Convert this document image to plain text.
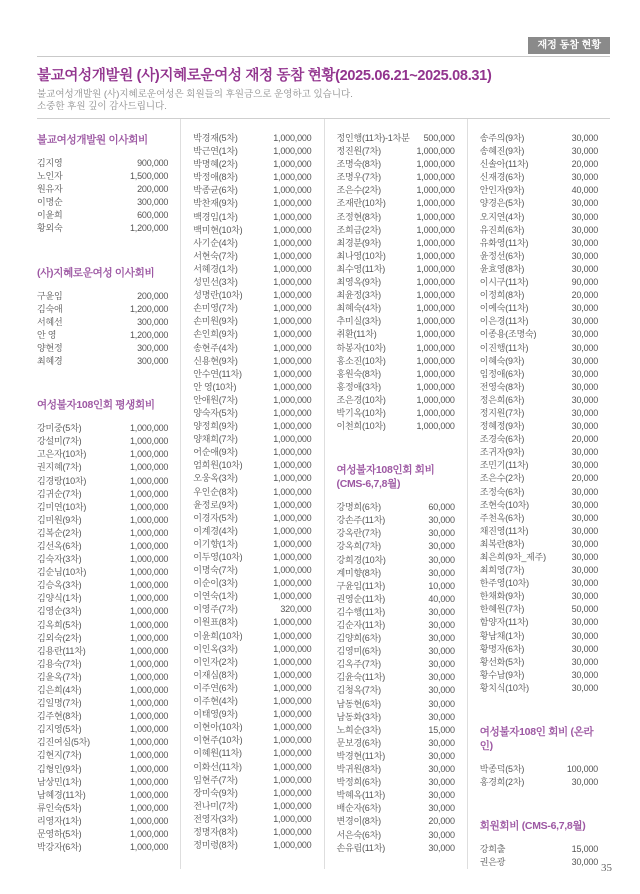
재정 동참 현황
불교여성개발원 (사)지혜로운여성 재정 동참 현황(2025.06.21~2025.08.31)

불교여성개발원 (사)지혜로운여성은 회원들의 후원금으로 운영하고 있습니다.

소중한 후원 깊이 감사드립니다.

불교여성개발원 이사회비
김지영	900,000
노인자	1,500,000
원유자	200,000
이명순	300,000
이윤희	600,000
황외숙	1,200,000
(사)지혜로운여성 이사회비
구윤임	200,000
김숙애	1,200,000
서혜선	300,000
안 영	1,200,000
양현정	300,000
최혜경	300,000
여성불자108인회 평생회비
강미중(5차)	1,000,000
강설미(7차)	1,000,000
고은자(10차)	1,000,000
권지혜(7차)	1,000,000
김경랑(10차)	1,000,000
김귀순(7차)	1,000,000
김미연(10차)	1,000,000
김미원(9차)	1,000,000
김복순(2차)	1,000,000
김선옥(6차)	1,000,000
김숙자(3차)	1,000,000
김순님(10차)	1,000,000
김승옥(3차)	1,000,000
김양식(1차)	1,000,000
김영순(3차)	1,000,000
김옥희(5차)	1,000,000
김외숙(2차)	1,000,000
김용란(11차)	1,000,000
김용숙(7차)	1,000,000
김윤옥(7차)	1,000,000
김은희(4차)	1,000,000
김일명(7차)	1,000,000
김주현(8차)	1,000,000
김지영(5차)	1,000,000
김진여심(5차)	1,000,000
김현지(7차)	1,000,000
김형인(9차)	1,000,000
남상민(1차)	1,000,000
남혜경(11차)	1,000,000
류인숙(5차)	1,000,000
리영자(1차)	1,000,000
문영하(5차)	1,000,000
박강자(6차)	1,000,000
박경재(5차)	1,000,000
박근연(1차)	1,000,000
박명혜(2차)	1,000,000
박정애(8차)	1,000,000
박종균(6차)	1,000,000
박찬재(9차)	1,000,000
백경임(1차)	1,000,000
백미현(10차)	1,000,000
사기순(4차)	1,000,000
서현숙(7차)	1,000,000
서혜경(1차)	1,000,000
성민선(3차)	1,000,000
성명란(10차)	1,000,000
손미영(7차)	1,000,000
손미원(9차)	1,000,000
손인희(9차)	1,000,000
송현주(4차)	1,000,000
신용현(9차)	1,000,000
안수연(11차)	1,000,000
안 영(10차)	1,000,000
안애원(7차)	1,000,000
양숙자(5차)	1,000,000
양정희(9차)	1,000,000
양채희(7차)	1,000,000
어순애(9차)	1,000,000
엄희원(10차)	1,000,000
오웅옥(3차)	1,000,000
우인순(8차)	1,000,000
윤정로(9차)	1,000,000
이경자(5차)	1,000,000
이계경(4차)	1,000,000
이기향(1차)	1,000,000
이두영(10차)	1,000,000
이명숙(7차)	1,000,000
이순이(3차)	1,000,000
이연숙(1차)	1,000,000
이영주(7차)	320,000
이원표(8차)	1,000,000
이윤희(10차)	1,000,000
이인옥(3차)	1,000,000
이인자(2차)	1,000,000
이재심(8차)	1,000,000
이주연(6차)	1,000,000
이주현(4차)	1,000,000
이태영(9차)	1,000,000
이현아(10차)	1,000,000
이현주(10차)	1,000,000
이혜원(11차)	1,000,000
이화선(11차)	1,000,000
임현주(7차)	1,000,000
장미숙(9차)	1,000,000
전나미(7차)	1,000,000
전영자(3차)	1,000,000
정명자(8차)	1,000,000
정미령(8차)	1,000,000
정인행(11차)-1차분 500,000
정진원(7차)	1,000,000
조명숙(8차)	1,000,000
조명우(7차)	1,000,000
조은수(2차)	1,000,000
조재란(10차)	1,000,000
조정현(8차)	1,000,000
조희금(2차)	1,000,000
최경분(9차)	1,000,000
최나영(10차)	1,000,000
최수영(11차)	1,000,000
최영옥(9차)	1,000,000
최윤정(3차)	1,000,000
최혜숙(4차)	1,000,000
추미실(3차)	1,000,000
취환(11차)	1,000,000
하봉자(10차)	1,000,000
홍소진(10차)	1,000,000
홍원숙(8차)	1,000,000
홍정애(3차)	1,000,000
조은경(10차)	1,000,000
박기옥(10차)	1,000,000
이천희(10차)	1,000,000
여성불자108인회 회비
(CMS-6,7,8월)
강명희(6차)	60,000
강손주(11차)	30,000
강옥란(7차)	30,000
강옥희(7차)	30,000
강희경(10차)	30,000
계미향(8차)	30,000
구윤임(11차)	10,000
권영순(11차)	40,000
김수행(11차)	30,000
김순자(11차)	30,000
김양희(6차)	30,000
김영미(6차)	30,000
김옥주(7차)	30,000
김윤숙(11차)	30,000
김청옥(7차)	30,000
남동현(6차)	30,000
남동화(3차)	30,000
노희순(3차)	15,000
문보경(6차)	30,000
박경현(11차)	30,000
박귀원(8차)	30,000
박정희(6차)	30,000
박혜옥(11차)	30,000
배순자(6차)	30,000
변경이(8차)	20,000
서은숙(6차)	30,000
손유림(11차)	30,000
송주의(9차)	30,000
송혜진(9차)	30,000
신솔아(11차)	20,000
신재경(6차)	30,000
안인자(9차)	40,000
양경은(5차)	30,000
오지연(4차)	30,000
유진희(6차)	30,000
유화영(11차)	30,000
윤정선(6차)	30,000
윤효영(8차)	30,000
이시구(11차)	90,000
이정희(8차)	20,000
이예숙(11차)	30,000
이은경(11차)	30,000
이종용(조명숙)	30,000
이진행(11차)	30,000
이혜숙(9차)	30,000
임정애(6차)	30,000
전영숙(8차)	30,000
정은희(6차)	30,000
정지원(7차)	30,000
정혜정(9차)	30,000
조경숙(6차)	20,000
조귀자(9차)	30,000
조민기(11차)	30,000
조은수(2차)	20,000
조정숙(6차)	30,000
조현숙(10차)	30,000
주천옥(6차)	30,000
채진영(11차)	30,000
최복란(8차)	30,000
최은희(9차_제주)	30,000
최희영(7차)	30,000
한주영(10차)	30,000
한채화(9차)	30,000
한혜원(7차)	50,000
함양자(11차)	30,000
황남채(1차)	30,000
황명자(6차)	30,000
황선화(5차)	30,000
황수남(9차)	30,000
황치식(10차)	30,000
여성불자108인 회비 (온라인)
박종덕(5차)	100,000
홍경희(2차)	30,000
회원회비 (CMS-6,7,8월)
강희출	15,000
권은광	30,000 35
